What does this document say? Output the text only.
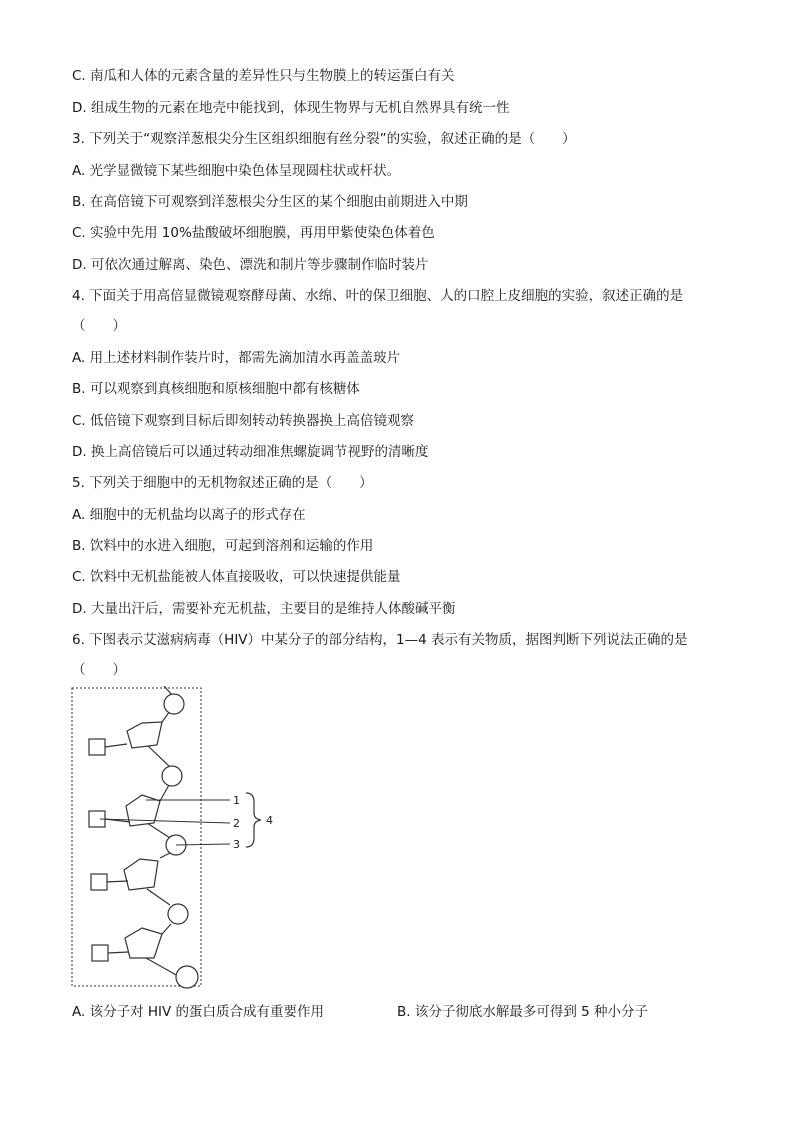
C. 南瓜和人体的元素含量的差异性只与生物膜上的转运蛋白有关
D. 组成生物的元素在地壳中能找到，体现生物界与无机自然界具有统一性
3. 下列关于“观察洋葱根尖分生区组织细胞有丝分裂”的实验，叙述正确的是（　　）
A. 光学显微镜下某些细胞中染色体呈现圆柱状或杆状。
B. 在高倍镜下可观察到洋葱根尖分生区的某个细胞由前期进入中期
C. 实验中先用 10%盐酸破坏细胞膜，再用甲紫使染色体着色
D. 可依次通过解离、染色、漂洗和制片等步骤制作临时装片
4. 下面关于用高倍显微镜观察酵母菌、水绵、叶的保卫细胞、人的口腔上皮细胞的实验，叙述正确的是
（　　）
A. 用上述材料制作装片时，都需先滴加清水再盖盖玻片
B. 可以观察到真核细胞和原核细胞中都有核糖体
C. 低倍镜下观察到目标后即刻转动转换器换上高倍镜观察
D. 换上高倍镜后可以通过转动细准焦螺旋调节视野的清晰度
5. 下列关于细胞中的无机物叙述正确的是（　　）
A. 细胞中的无机盐均以离子的形式存在
B. 饮料中的水进入细胞，可起到溶剂和运输的作用
C. 饮料中无机盐能被人体直接吸收，可以快速提供能量
D. 大量出汗后，需要补充无机盐，主要目的是维持人体酸碱平衡
6. 下图表示艾滋病病毒（HIV）中某分子的部分结构，1—4 表示有关物质，据图判断下列说法正确的是
（　　）
1
2
3
4
A. 该分子对 HIV 的蛋白质合成有重要作用	B. 该分子彻底水解最多可得到 5 种小分子
